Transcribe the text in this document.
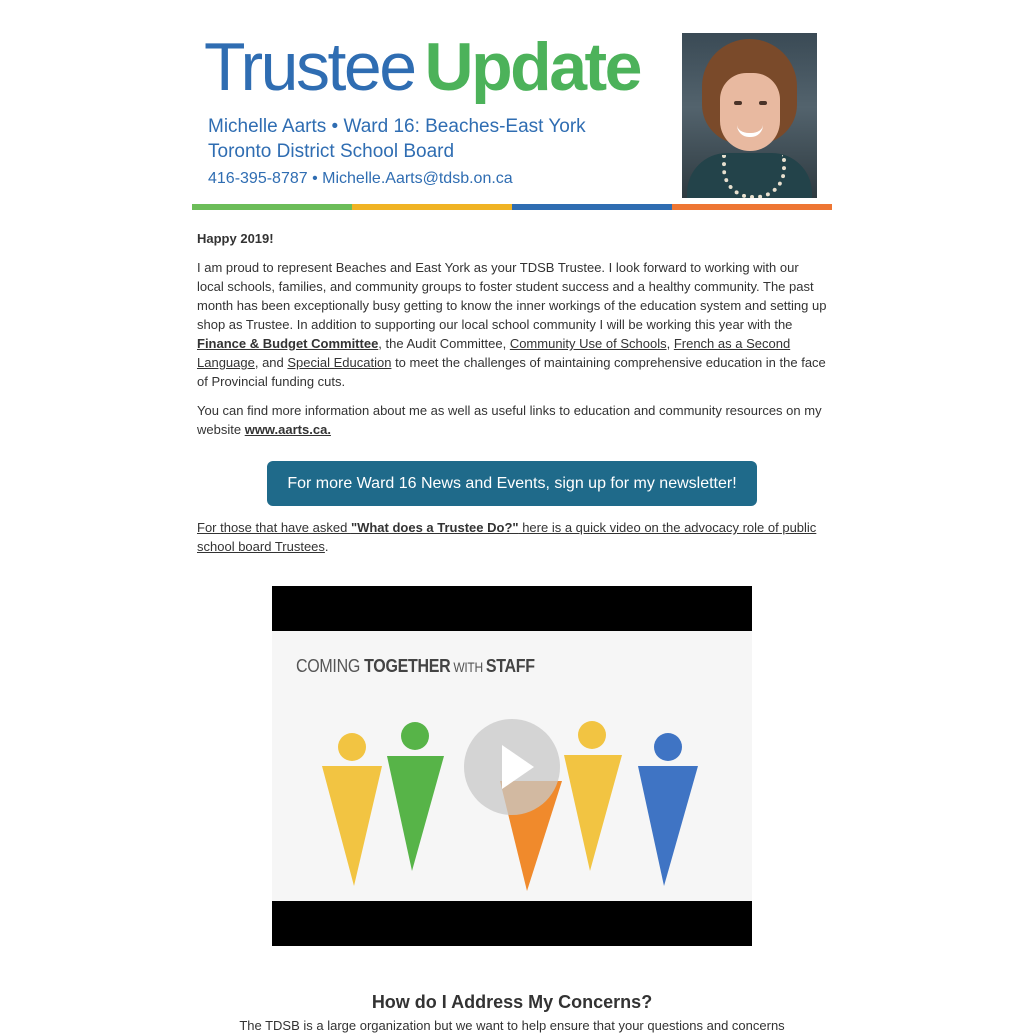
Trustee Update
Michelle Aarts • Ward 16: Beaches-East York
Toronto District School Board
416-395-8787 • Michelle.Aarts@tdsb.on.ca
Happy 2019!
I am proud to represent Beaches and East York as your TDSB Trustee. I look forward to working with our local schools, families, and community groups to foster student success and a healthy community. The past month has been exceptionally busy getting to know the inner workings of the education system and setting up shop as Trustee. In addition to supporting our local school community I will be working this year with the Finance & Budget Committee, the Audit Committee, Community Use of Schools, French as a Second Language, and Special Education to meet the challenges of maintaining comprehensive education in the face of Provincial funding cuts.
You can find more information about me as well as useful links to education and community resources on my website www.aarts.ca.
For more Ward 16 News and Events, sign up for my newsletter!
For those that have asked "What does a Trustee Do?" here is a quick video on the advocacy role of public school board Trustees.
COMING TOGETHER WITH STAFF
How do I Address My Concerns?
The TDSB is a large organization but we want to help ensure that your questions and concerns
